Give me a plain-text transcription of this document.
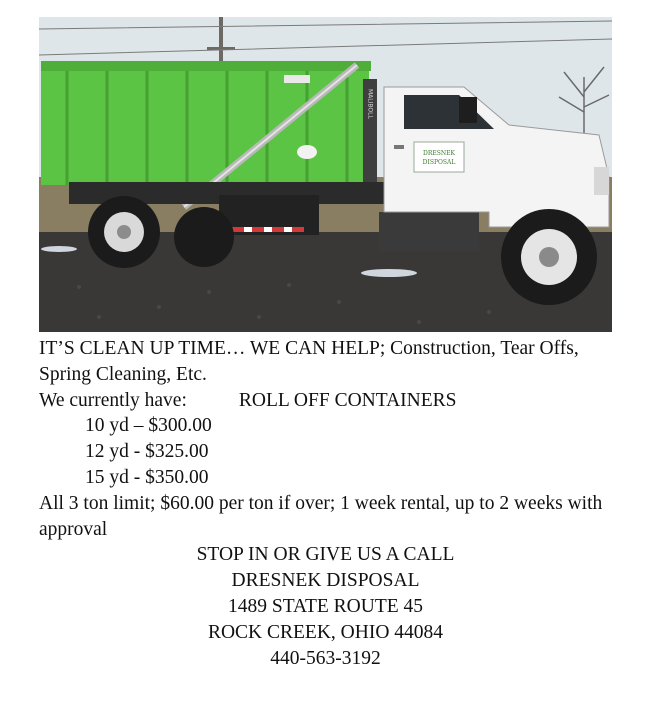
MALIBOLL
DRESNEK
DISPOSAL
IT’S CLEAN UP TIME… WE CAN HELP; Construction, Tear Offs, Spring Cleaning, Etc.
We currently have:	ROLL OFF CONTAINERS
10 yd – $300.00
12 yd - $325.00
15 yd - $350.00
All 3 ton limit; $60.00 per ton if over; 1 week rental, up to 2 weeks with approval
STOP IN OR GIVE US A CALL
DRESNEK DISPOSAL
1489 STATE ROUTE 45
ROCK CREEK, OHIO 44084
440-563-3192
